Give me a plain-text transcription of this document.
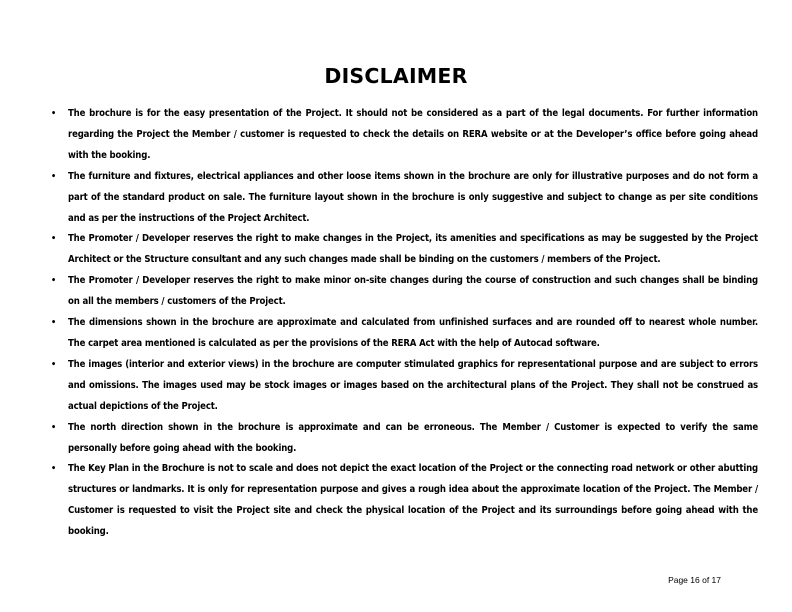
DISCLAIMER
• The brochure is for the easy presentation of the Project. It should not be considered as a part of the legal documents. For further information regarding the Project the Member / customer is requested to check the details on RERA website or at the Developer’s office before going ahead with the booking.
• The furniture and fixtures, electrical appliances and other loose items shown in the brochure are only for illustrative purposes and do not form a part of the standard product on sale. The furniture layout shown in the brochure is only suggestive and subject to change as per site conditions and as per the instructions of the Project Architect.
• The Promoter / Developer reserves the right to make changes in the Project, its amenities and specifications as may be suggested by the Project Architect or the Structure consultant and any such changes made shall be binding on the customers / members of the Project.
• The Promoter / Developer reserves the right to make minor on-site changes during the course of construction and such changes shall be binding on all the members / customers of the Project.
• The dimensions shown in the brochure are approximate and calculated from unfinished surfaces and are rounded off to nearest whole number. The carpet area mentioned is calculated as per the provisions of the RERA Act with the help of Autocad software.
• The images (interior and exterior views) in the brochure are computer stimulated graphics for representational purpose and are subject to errors and omissions. The images used may be stock images or images based on the architectural plans of the Project. They shall not be construed as actual depictions of the Project.
• The north direction shown in the brochure is approximate and can be erroneous. The Member / Customer is expected to verify the same personally before going ahead with the booking.
• The Key Plan in the Brochure is not to scale and does not depict the exact location of the Project or the connecting road network or other abutting structures or landmarks. It is only for representation purpose and gives a rough idea about the approximate location of the Project. The Member / Customer is requested to visit the Project site and check the physical location of the Project and its surroundings before going ahead with the booking.
Page 16 of 17
